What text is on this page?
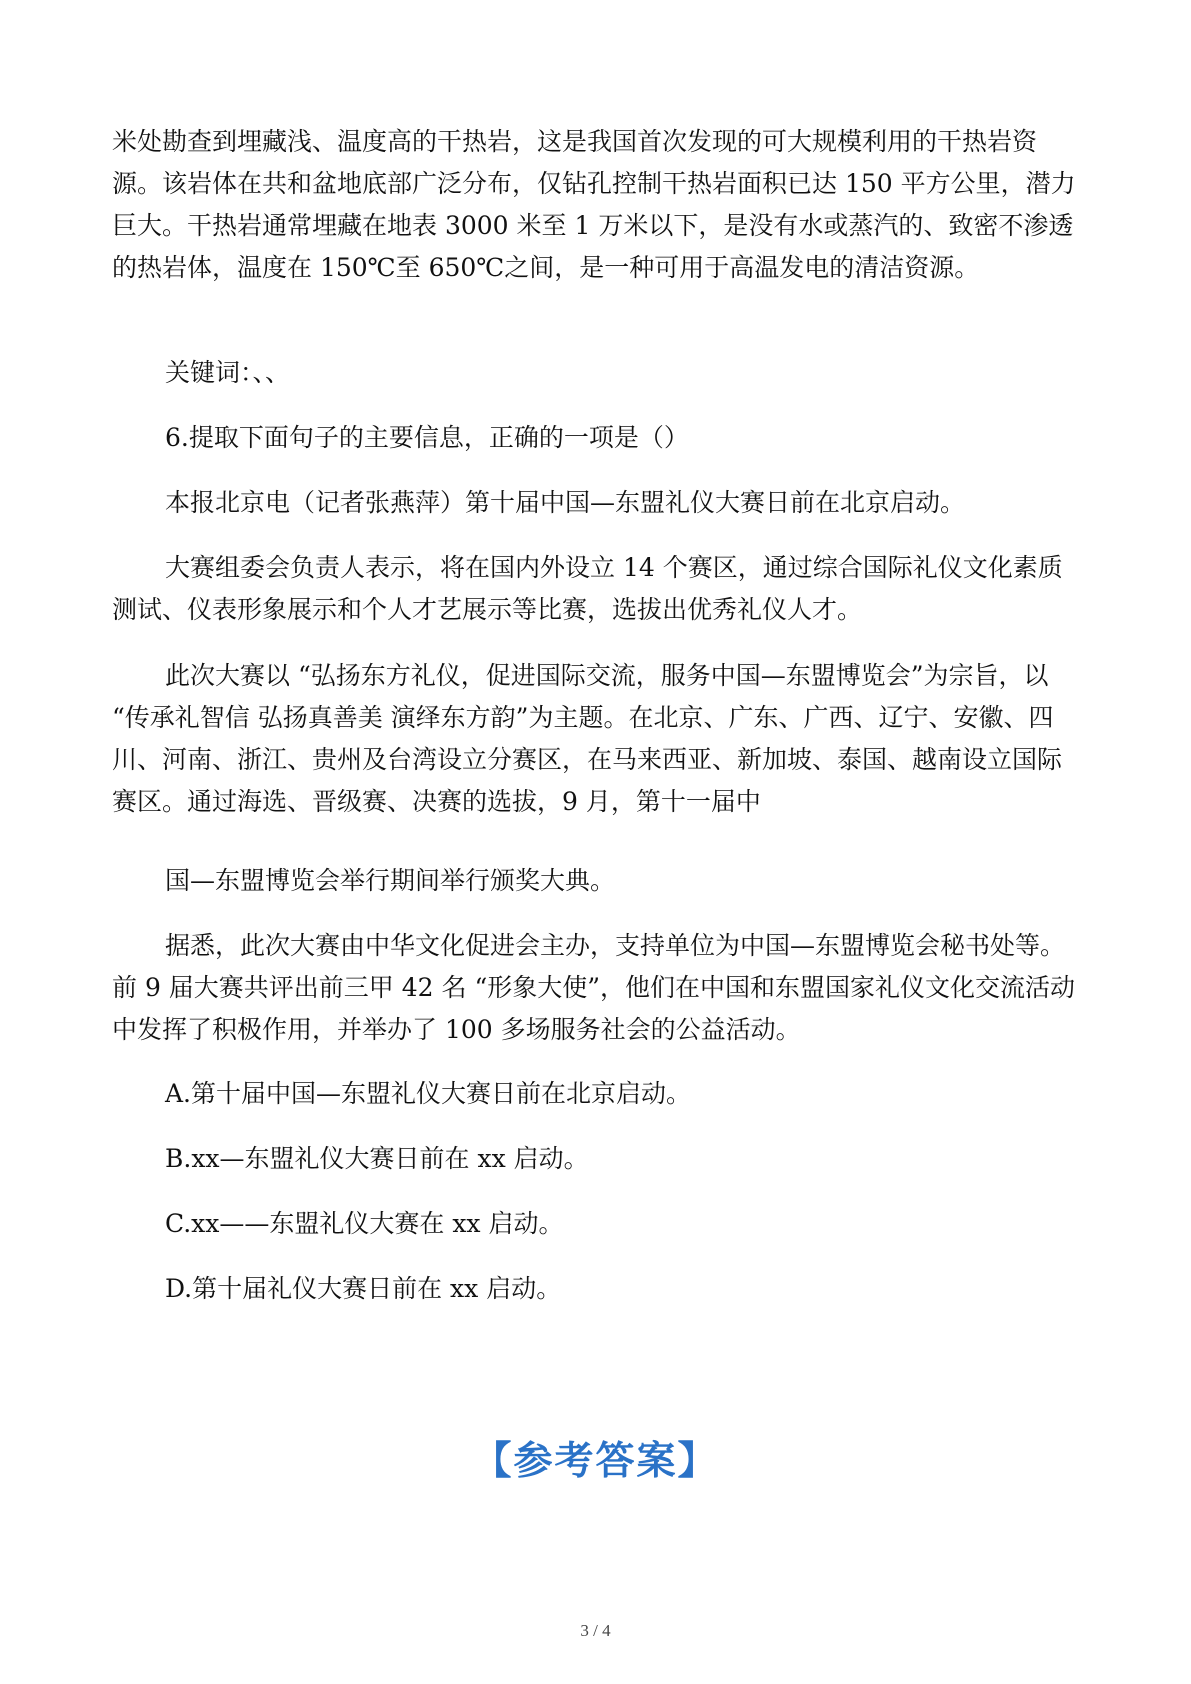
米处勘查到埋藏浅、温度高的干热岩，这是我国首次发现的可大规模利用的干热岩资源。该岩体在共和盆地底部广泛分布，仅钻孔控制干热岩面积已达 150 平方公里，潜力巨大。干热岩通常埋藏在地表 3000 米至 1 万米以下，是没有水或蒸汽的、致密不渗透的热岩体，温度在 150℃至 650℃之间，是一种可用于高温发电的清洁资源。

关键词：、、

6.提取下面句子的主要信息，正确的一项是（）

本报北京电（记者张燕萍）第十届中国—东盟礼仪大赛日前在北京启动。

大赛组委会负责人表示，将在国内外设立 14 个赛区，通过综合国际礼仪文化素质测试、仪表形象展示和个人才艺展示等比赛，选拔出优秀礼仪人才。

此次大赛以 “弘扬东方礼仪，促进国际交流，服务中国—东盟博览会”为宗旨，以 “传承礼智信 弘扬真善美 演绎东方韵”为主题。在北京、广东、广西、辽宁、安徽、四川、河南、浙江、贵州及台湾设立分赛区，在马来西亚、新加坡、泰国、越南设立国际赛区。通过海选、晋级赛、决赛的选拔，9 月，第十一届中

国—东盟博览会举行期间举行颁奖大典。

据悉，此次大赛由中华文化促进会主办，支持单位为中国—东盟博览会秘书处等。前 9 届大赛共评出前三甲 42 名 “形象大使”，他们在中国和东盟国家礼仪文化交流活动中发挥了积极作用，并举办了 100 多场服务社会的公益活动。

A.第十届中国—东盟礼仪大赛日前在北京启动。

B.xx—东盟礼仪大赛日前在 xx 启动。

C.xx——东盟礼仪大赛在 xx 启动。

D.第十届礼仪大赛日前在 xx 启动。

【参考答案】
3 / 4
